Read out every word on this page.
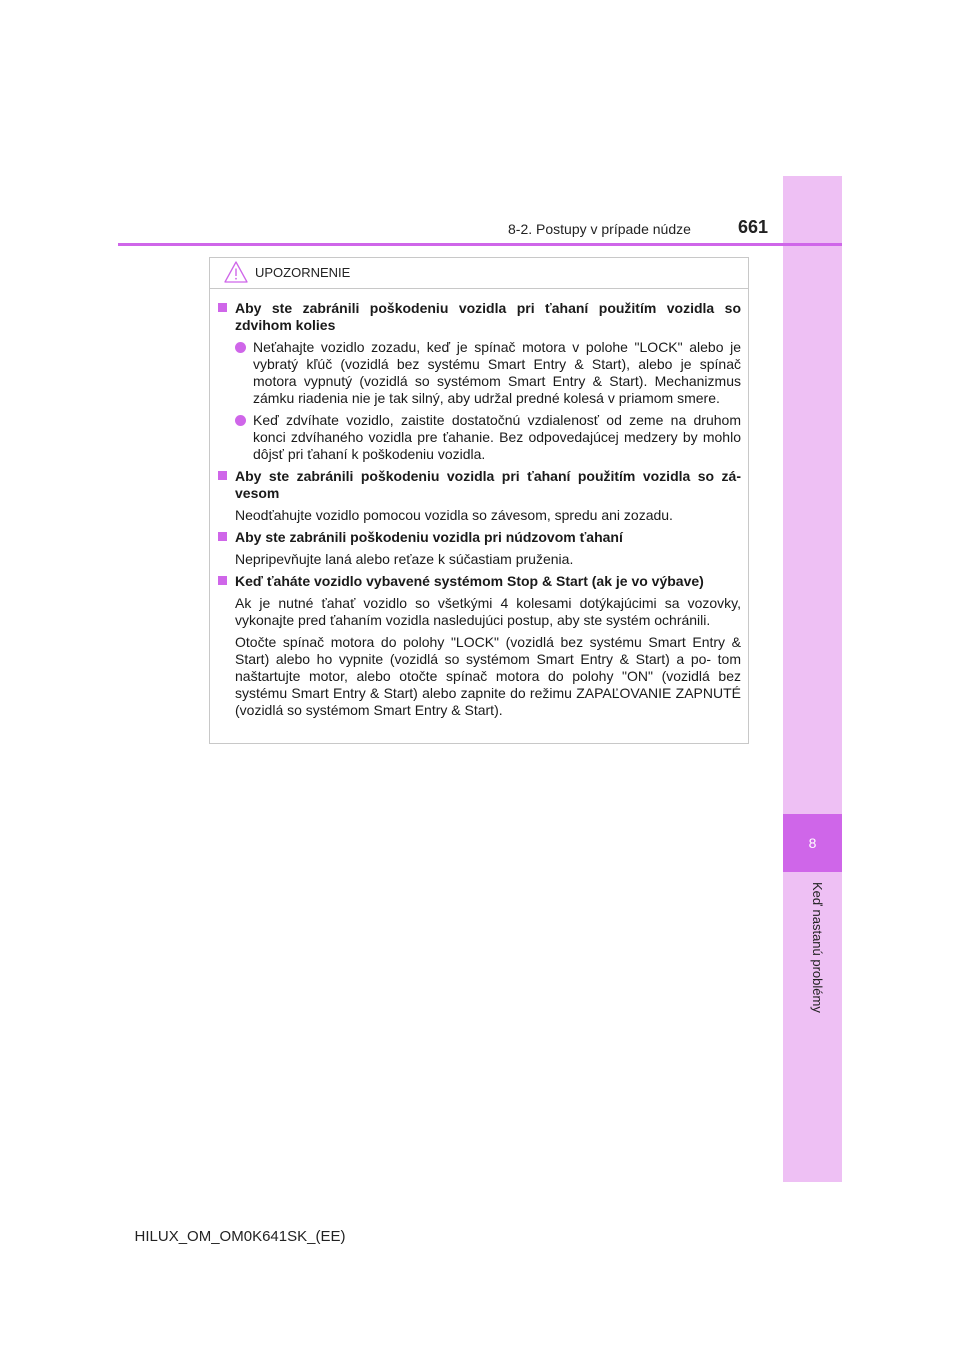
8
Keď nastanú problémy
8-2. Postupy v prípade núdze	661
UPOZORNENIE
Aby ste zabránili poškodeniu vozidla pri ťahaní použitím vozidla so zdvihom kolies
Neťahajte vozidlo zozadu, keď je spínač motora v polohe "LOCK" alebo je vybratý kľúč (vozidlá bez systému Smart Entry & Start), alebo je spínač motora vypnutý (vozidlá so systémom Smart Entry & Start). Mechanizmus zámku riadenia nie je tak silný, aby udržal predné kolesá v priamom smere.
Keď zdvíhate vozidlo, zaistite dostatočnú vzdialenosť od zeme na druhom konci zdvíhaného vozidla pre ťahanie. Bez odpovedajúcej medzery by mohlo dôjsť pri ťahaní k poškodeniu vozidla.
Aby ste zabránili poškodeniu vozidla pri ťahaní použitím vozidla so zá- vesom
Neodťahujte vozidlo pomocou vozidla so závesom, spredu ani zozadu.
Aby ste zabránili poškodeniu vozidla pri núdzovom ťahaní
Nepripevňujte laná alebo reťaze k súčastiam pruženia.
Keď ťaháte vozidlo vybavené systémom Stop & Start (ak je vo výbave)
Ak je nutné ťahať vozidlo so všetkými 4 kolesami dotýkajúcimi sa vozovky, vykonajte pred ťahaním vozidla nasledujúci postup, aby ste systém ochránili.
Otočte spínač motora do polohy "LOCK" (vozidlá bez systému Smart Entry & Start) alebo ho vypnite (vozidlá so systémom Smart Entry & Start) a po- tom naštartujte motor, alebo otočte spínač motora do polohy "ON" (vozidlá bez systému Smart Entry & Start) alebo zapnite do režimu ZAPAĽOVANIE ZAPNUTÉ (vozidlá so systémom Smart Entry & Start).
HILUX_OM_OM0K641SK_(EE)
